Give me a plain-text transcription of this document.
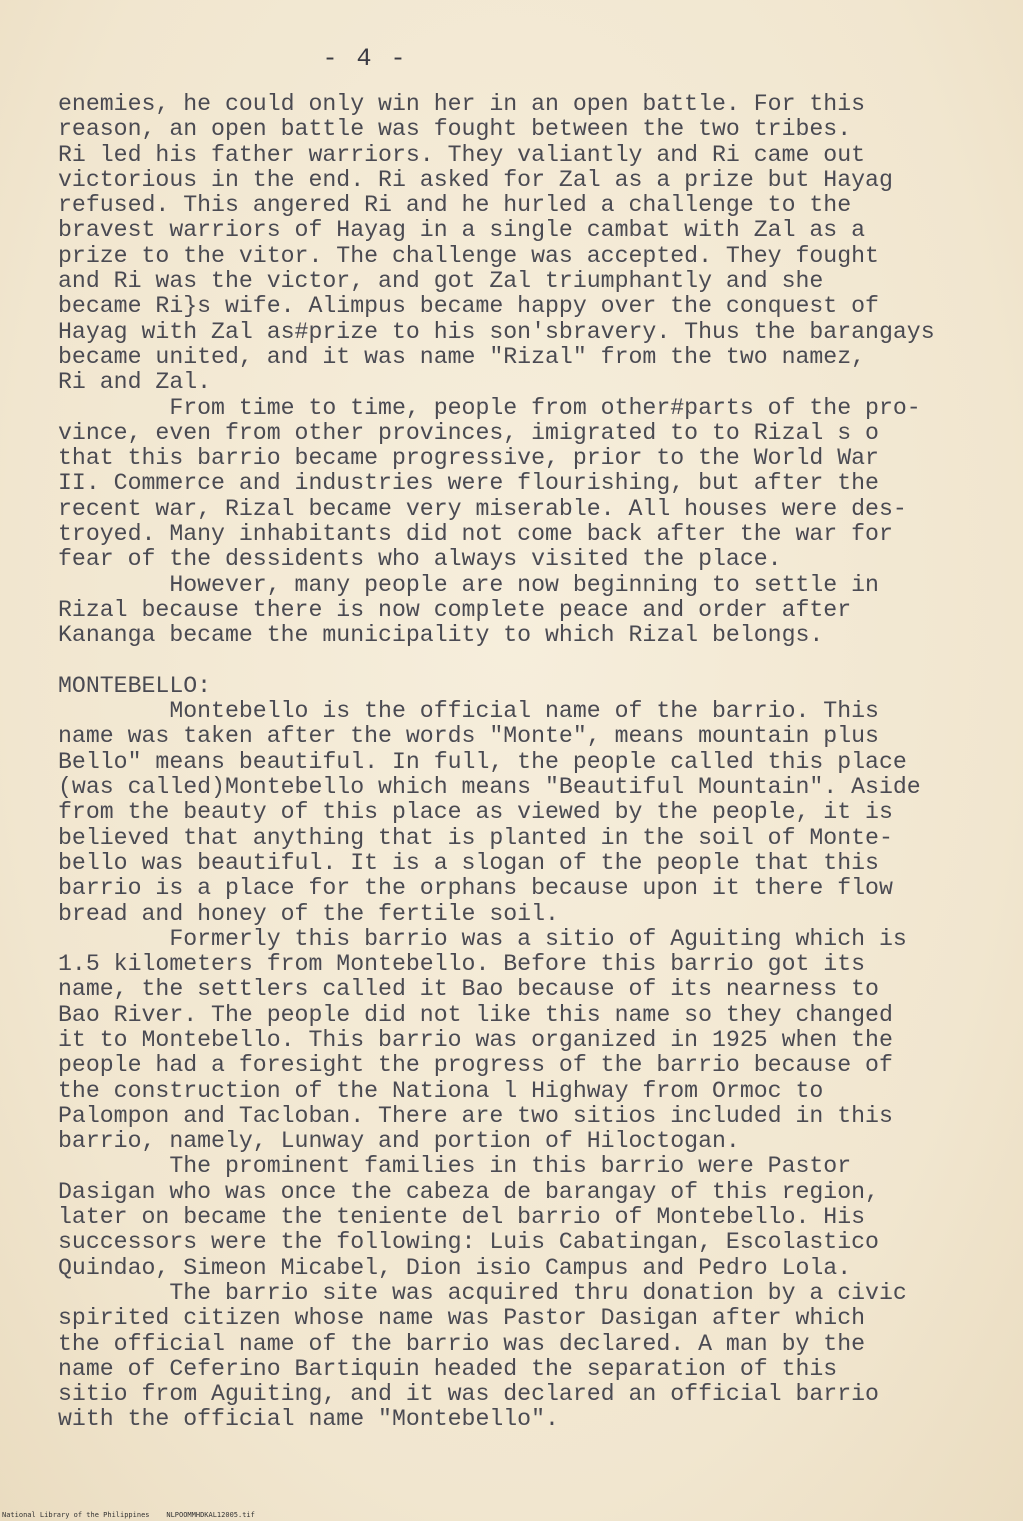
- 4 -
enemies, he could only win her in an open battle. For this
reason, an open battle was fought between the two tribes.
Ri led his father warriors. They valiantly and Ri came out
victorious in the end. Ri asked for Zal as a prize but Hayag
refused. This angered Ri and he hurled a challenge to the
bravest warriors of Hayag in a single cambat with Zal as a
prize to the vitor. The challenge was accepted. They fought
and Ri was the victor, and got Zal triumphantly and she
became Ri}s wife. Alimpus became happy over the conquest of
Hayag with Zal as#prize to his son'sbravery. Thus the barangays
became united, and it was name "Rizal" from the two namez,
Ri and Zal.
From time to time, people from other#parts of the pro-
vince, even from other provinces, imigrated to to Rizal s o
that this barrio became progressive, prior to the World War
II. Commerce and industries were flourishing, but after the
recent war, Rizal became very miserable. All houses were des-
troyed. Many inhabitants did not come back after the war for
fear of the dessidents who always visited the place.
However, many people are now beginning to settle in
Rizal because there is now complete peace and order after
Kananga became the municipality to which Rizal belongs.
MONTEBELLO:
Montebello is the official name of the barrio. This
name was taken after the words "Monte", means mountain plus
Bello" means beautiful. In full, the people called this place
(was called)Montebello which means "Beautiful Mountain". Aside
from the beauty of this place as viewed by the people, it is
believed that anything that is planted in the soil of Monte-
bello was beautiful. It is a slogan of the people that this
barrio is a place for the orphans because upon it there flow
bread and honey of the fertile soil.
Formerly this barrio was a sitio of Aguiting which is
1.5 kilometers from Montebello. Before this barrio got its
name, the settlers called it Bao because of its nearness to
Bao River. The people did not like this name so they changed
it to Montebello. This barrio was organized in 1925 when the
people had a foresight the progress of the barrio because of
the construction of the Nationa l Highway from Ormoc to
Palompon and Tacloban. There are two sitios included in this
barrio, namely, Lunway and portion of Hiloctogan.
The prominent families in this barrio were Pastor
Dasigan who was once the cabeza de barangay of this region,
later on became the teniente del barrio of Montebello. His
successors were the following: Luis Cabatingan, Escolastico
Quindao, Simeon Micabel, Dion isio Campus and Pedro Lola.
The barrio site was acquired thru donation by a civic
spirited citizen whose name was Pastor Dasigan after which
the official name of the barrio was declared. A man by the
name of Ceferino Bartiquin headed the separation of this
sitio from Aguiting, and it was declared an official barrio
with the official name "Montebello".
National Library of the Philippines    NLPOOMMHDKAL12005.tif
